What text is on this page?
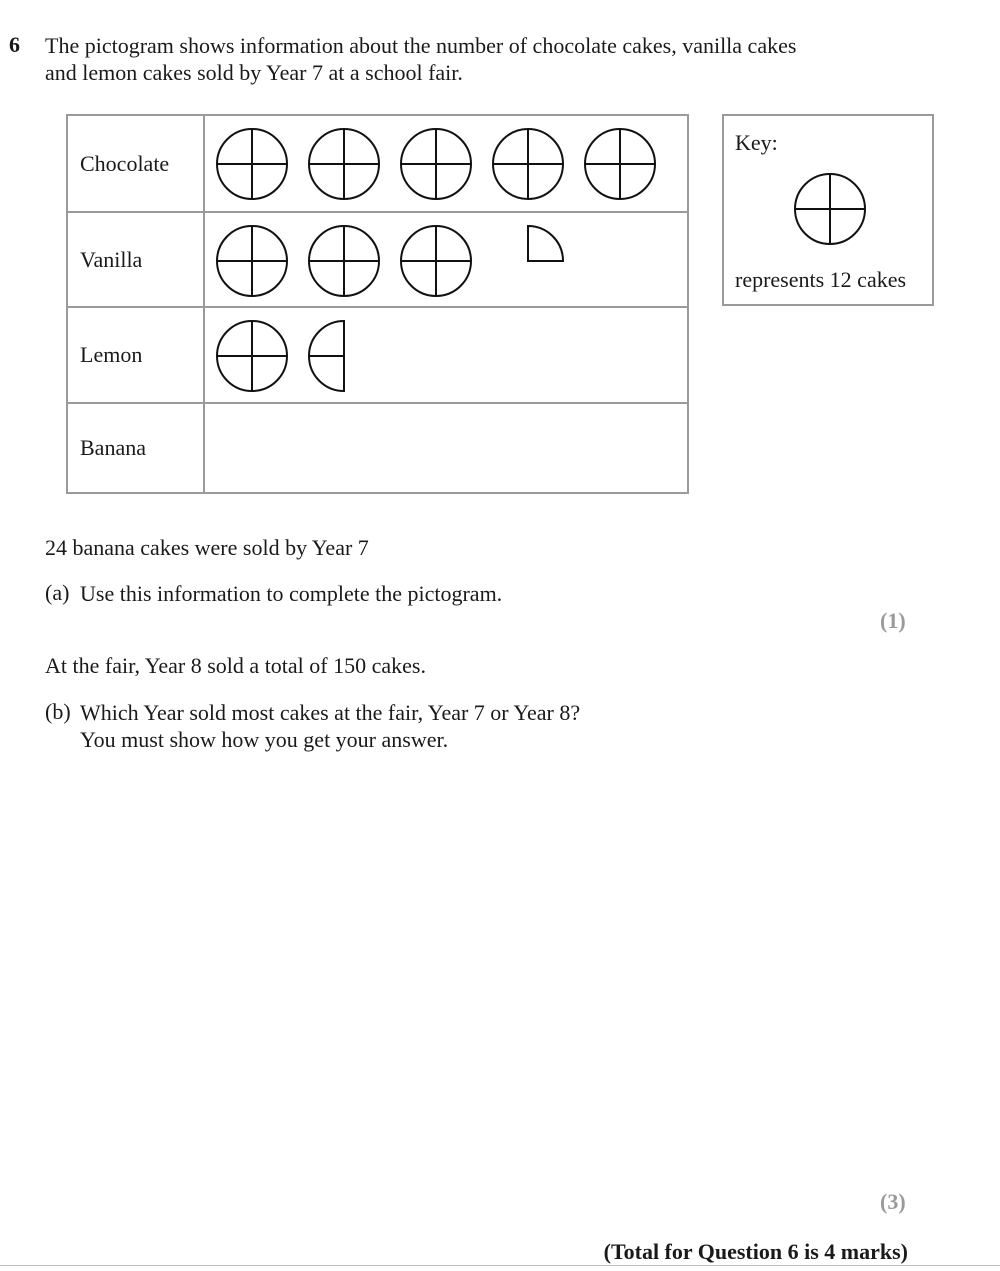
6 The pictogram shows information about the number of chocolate cakes, vanilla cakes
and lemon cakes sold by Year 7 at a school fair.
Chocolate
Vanilla
Lemon
Banana
Key:
represents 12 cakes
24 banana cakes were sold by Year 7
(a) Use this information to complete the pictogram.
(1)
At the fair, Year 8 sold a total of 150 cakes.
(b) Which Year sold most cakes at the fair, Year 7 or Year 8?
You must show how you get your answer.
(3)
(Total for Question 6 is 4 marks)
